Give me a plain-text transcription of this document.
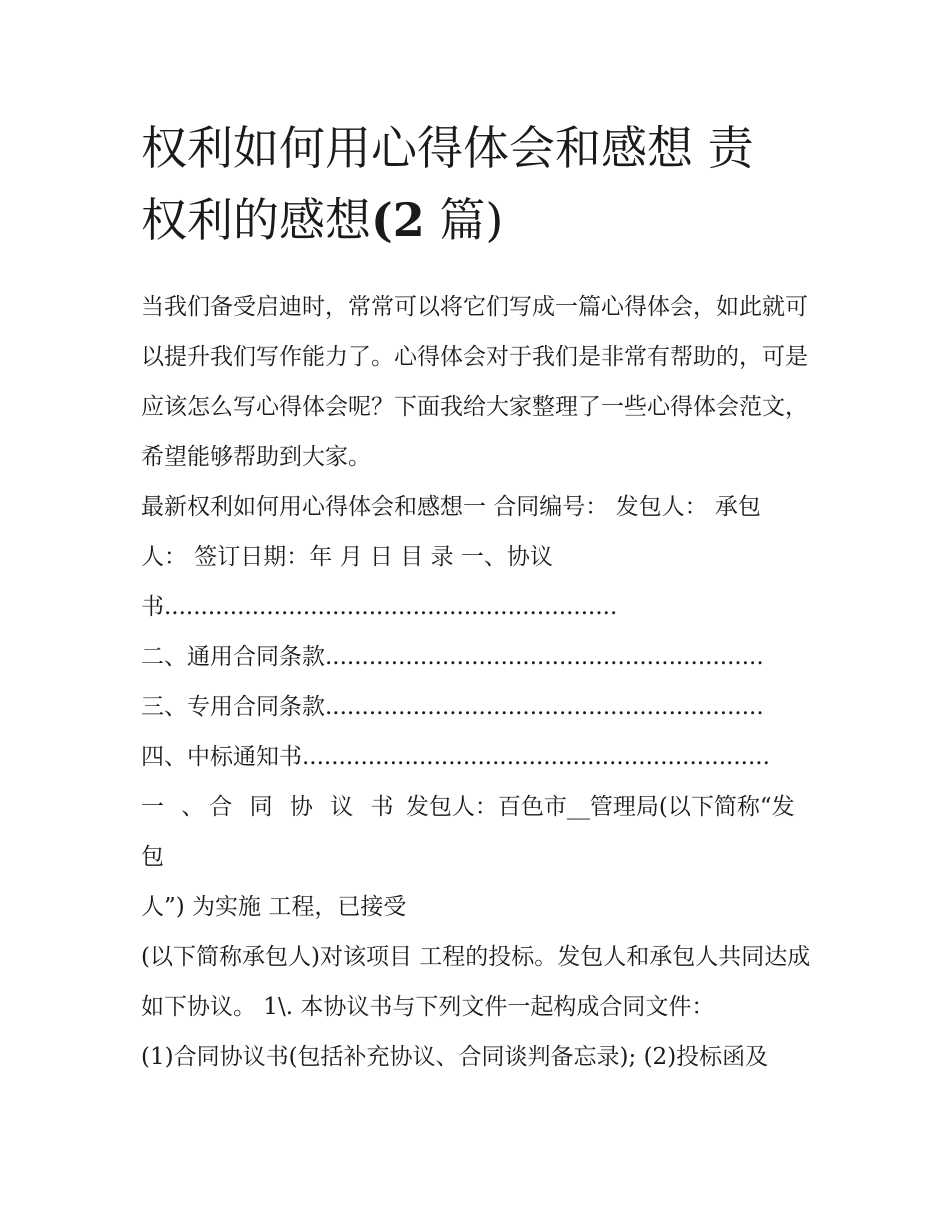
权利如何用心得体会和感想 责
权利的感想(2 篇)

当我们备受启迪时，常常可以将它们写成一篇心得体会，如此就可以提升我们写作能力了。心得体会对于我们是非常有帮助的，可是应该怎么写心得体会呢？下面我给大家整理了一些心得体会范文，希望能够帮助到大家。

最新权利如何用心得体会和感想一 合同编号： 发包人： 承包
人： 签订日期：年 月 日 目 录 一、协议

书..............................................................

二、通用合同条款............................................................

三、专用合同条款............................................................

四、中标通知书................................................................

一 、合 同 协 议 书 发包人：百色市__管理局(以下简称“发包
人”) 为实施 工程，已接受

(以下简称承包人)对该项目 工程的投标。发包人和承包人共同达成如下协议。 1\. 本协议书与下列文件一起构成合同文件：

(1)合同协议书(包括补充协议、合同谈判备忘录); (2)投标函及
